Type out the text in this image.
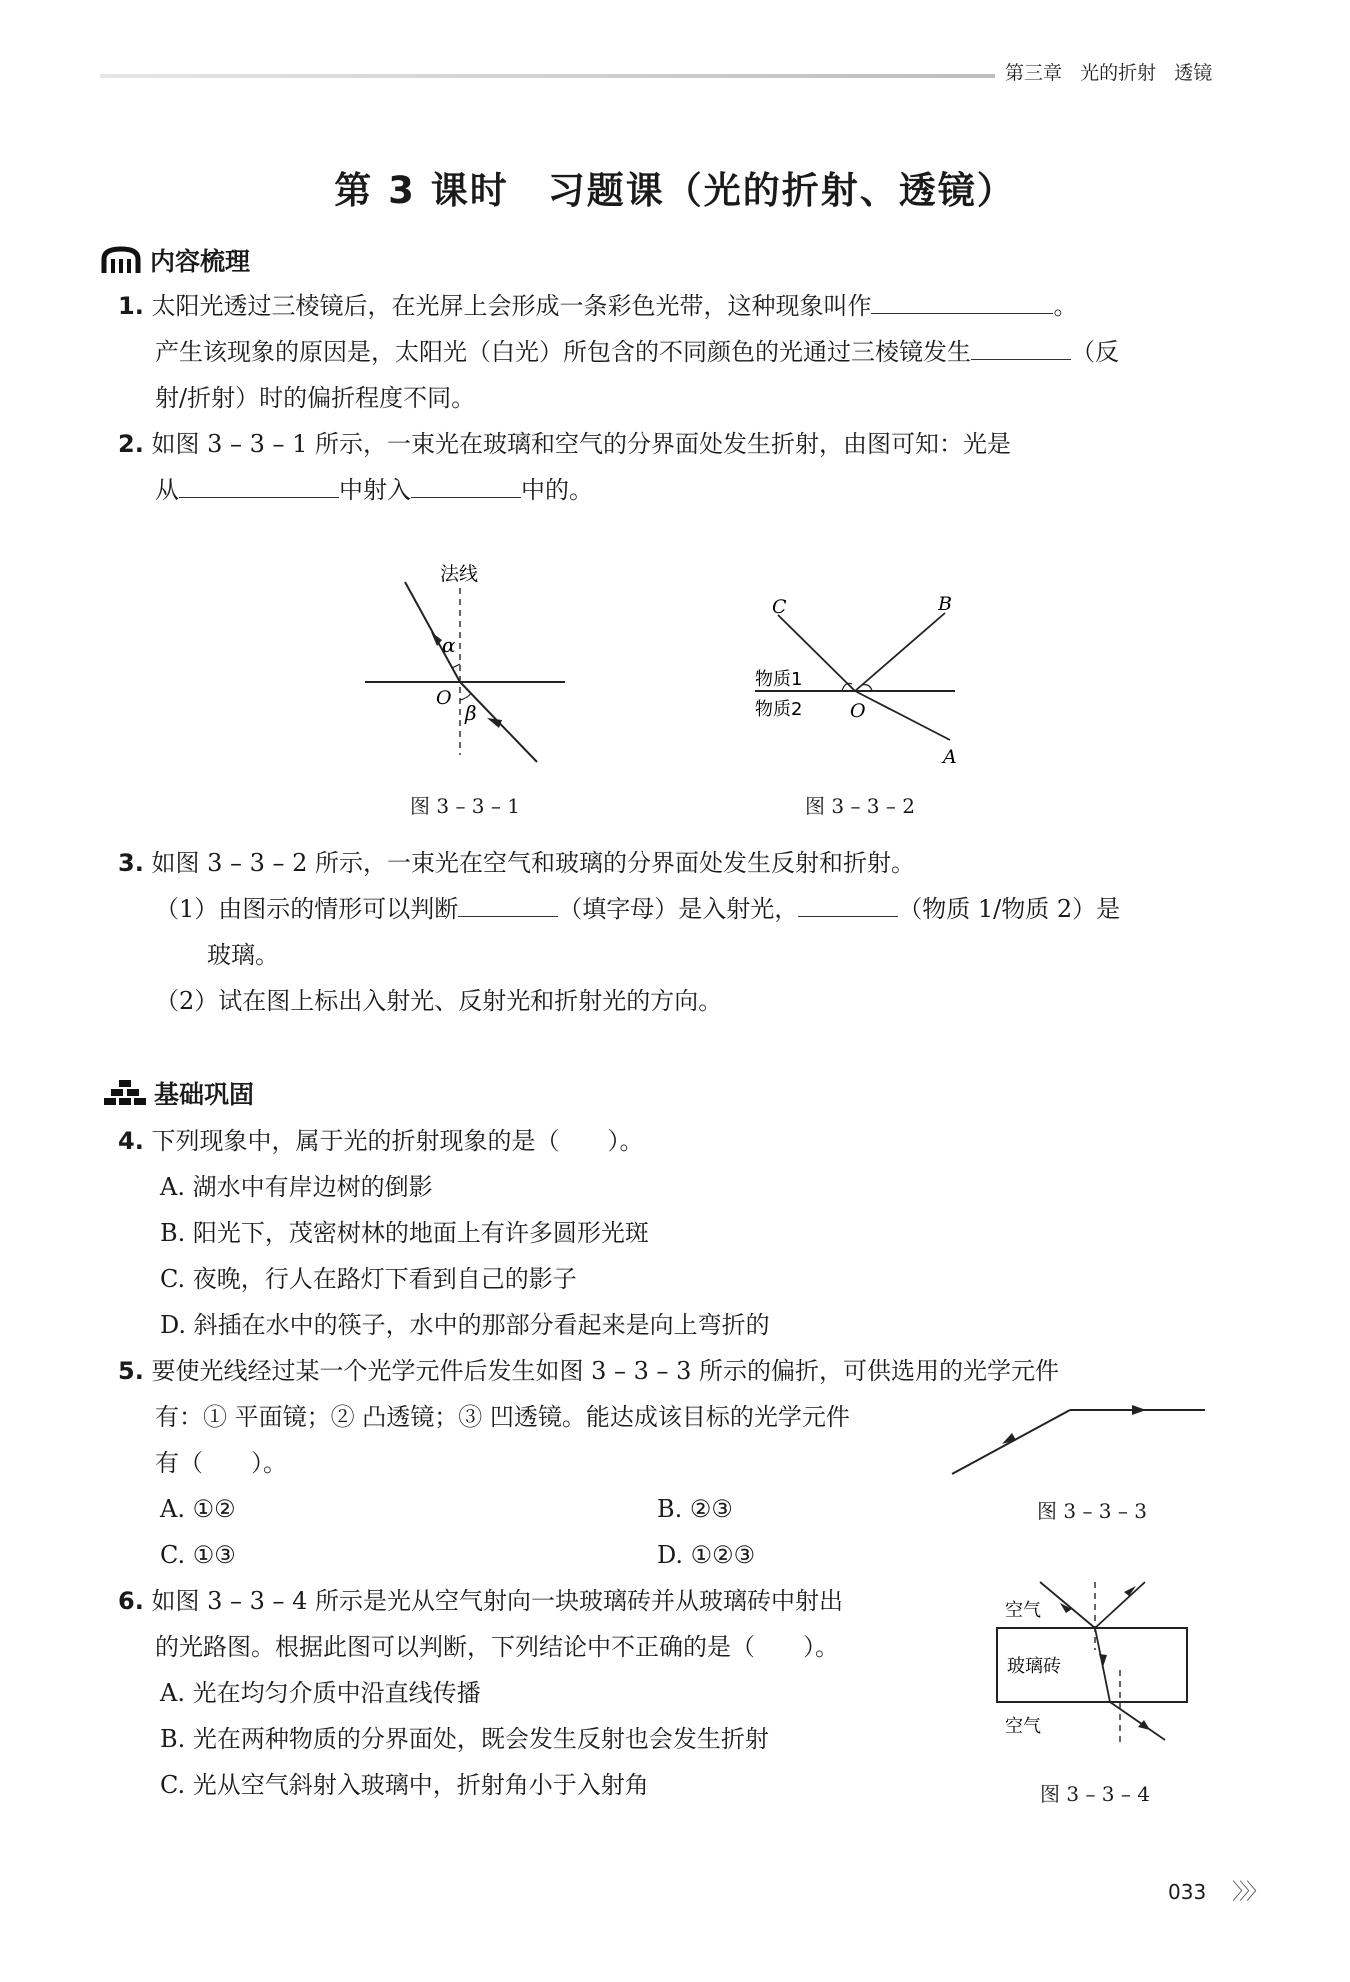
第三章 光的折射 透镜
第 3 课时　习题课（光的折射、透镜）
内容梳理
1. 太阳光透过三棱镜后，在光屏上会形成一条彩色光带，这种现象叫作	。
产生该现象的原因是，太阳光（白光）所包含的不同颜色的光通过三棱镜发生	（反
射/折射）时的偏折程度不同。
2. 如图 3 – 3 – 1 所示，一束光在玻璃和空气的分界面处发生折射，由图可知：光是
从	中射入	中的。
法线
α
β
O
图 3 – 3 – 1
C	B
A
O
物质1
物质2
图 3 – 3 – 2
3. 如图 3 – 3 – 2 所示，一束光在空气和玻璃的分界面处发生反射和折射。
（1）由图示的情形可以判断	（填字母）是入射光，	（物质 1/物质 2）是
玻璃。
（2）试在图上标出入射光、反射光和折射光的方向。
基础巩固
4. 下列现象中，属于光的折射现象的是（　　）。
A. 湖水中有岸边树的倒影
B. 阳光下，茂密树林的地面上有许多圆形光斑
C. 夜晚，行人在路灯下看到自己的影子
D. 斜插在水中的筷子，水中的那部分看起来是向上弯折的
5. 要使光线经过某一个光学元件后发生如图 3 – 3 – 3 所示的偏折，可供选用的光学元件
有：① 平面镜；② 凸透镜；③ 凹透镜。能达成该目标的光学元件
有（　　）。
A. ①②	B. ②③
C. ①③	D. ①②③
图 3 – 3 – 3
6. 如图 3 – 3 – 4 所示是光从空气射向一块玻璃砖并从玻璃砖中射出
的光路图。根据此图可以判断，下列结论中不正确的是（　　）。
A. 光在均匀介质中沿直线传播
B. 光在两种物质的分界面处，既会发生反射也会发生折射
C. 光从空气斜射入玻璃中，折射角小于入射角
空气
玻璃砖
空气
图 3 – 3 – 4
033 〉〉〉
